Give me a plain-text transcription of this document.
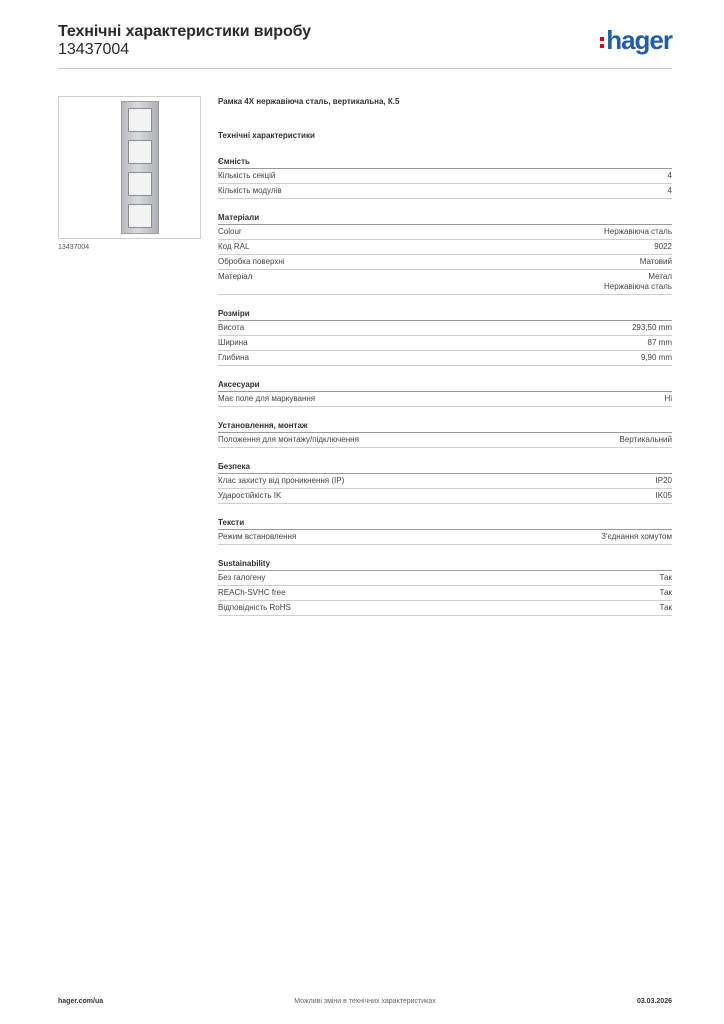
Технічні характеристики виробу
13437004	hager
13437004
Рамка 4X нержавіюча сталь, вертикальна, К.5
Технічні характеристики
Ємність
Кількість секцій	4
Кількість модулів	4
Матеріали
Colour	Нержавіюча сталь
Код RAL	9022
Обробка поверхні	Матовий
Матеріал	Метал
Нержавіюча сталь
Розміри
Висота	293,50 mm
Ширина	87 mm
Глибина	9,90 mm
Аксесуари
Має поле для маркування	Ні
Установлення, монтаж
Положення для монтажу/підключення	Вертикальний
Безпека
Клас захисту від проникнення (IP)	IP20
Ударостійкість IK	IK05
Тексти
Режим встановлення	З'єднання хомутом
Sustainability
Без галогену	Так
REACh-SVHC free	Так
Відповідність RoHS	Так
Можливі зміни в технічних характеристиках
hager.com/ua	03.03.2026
